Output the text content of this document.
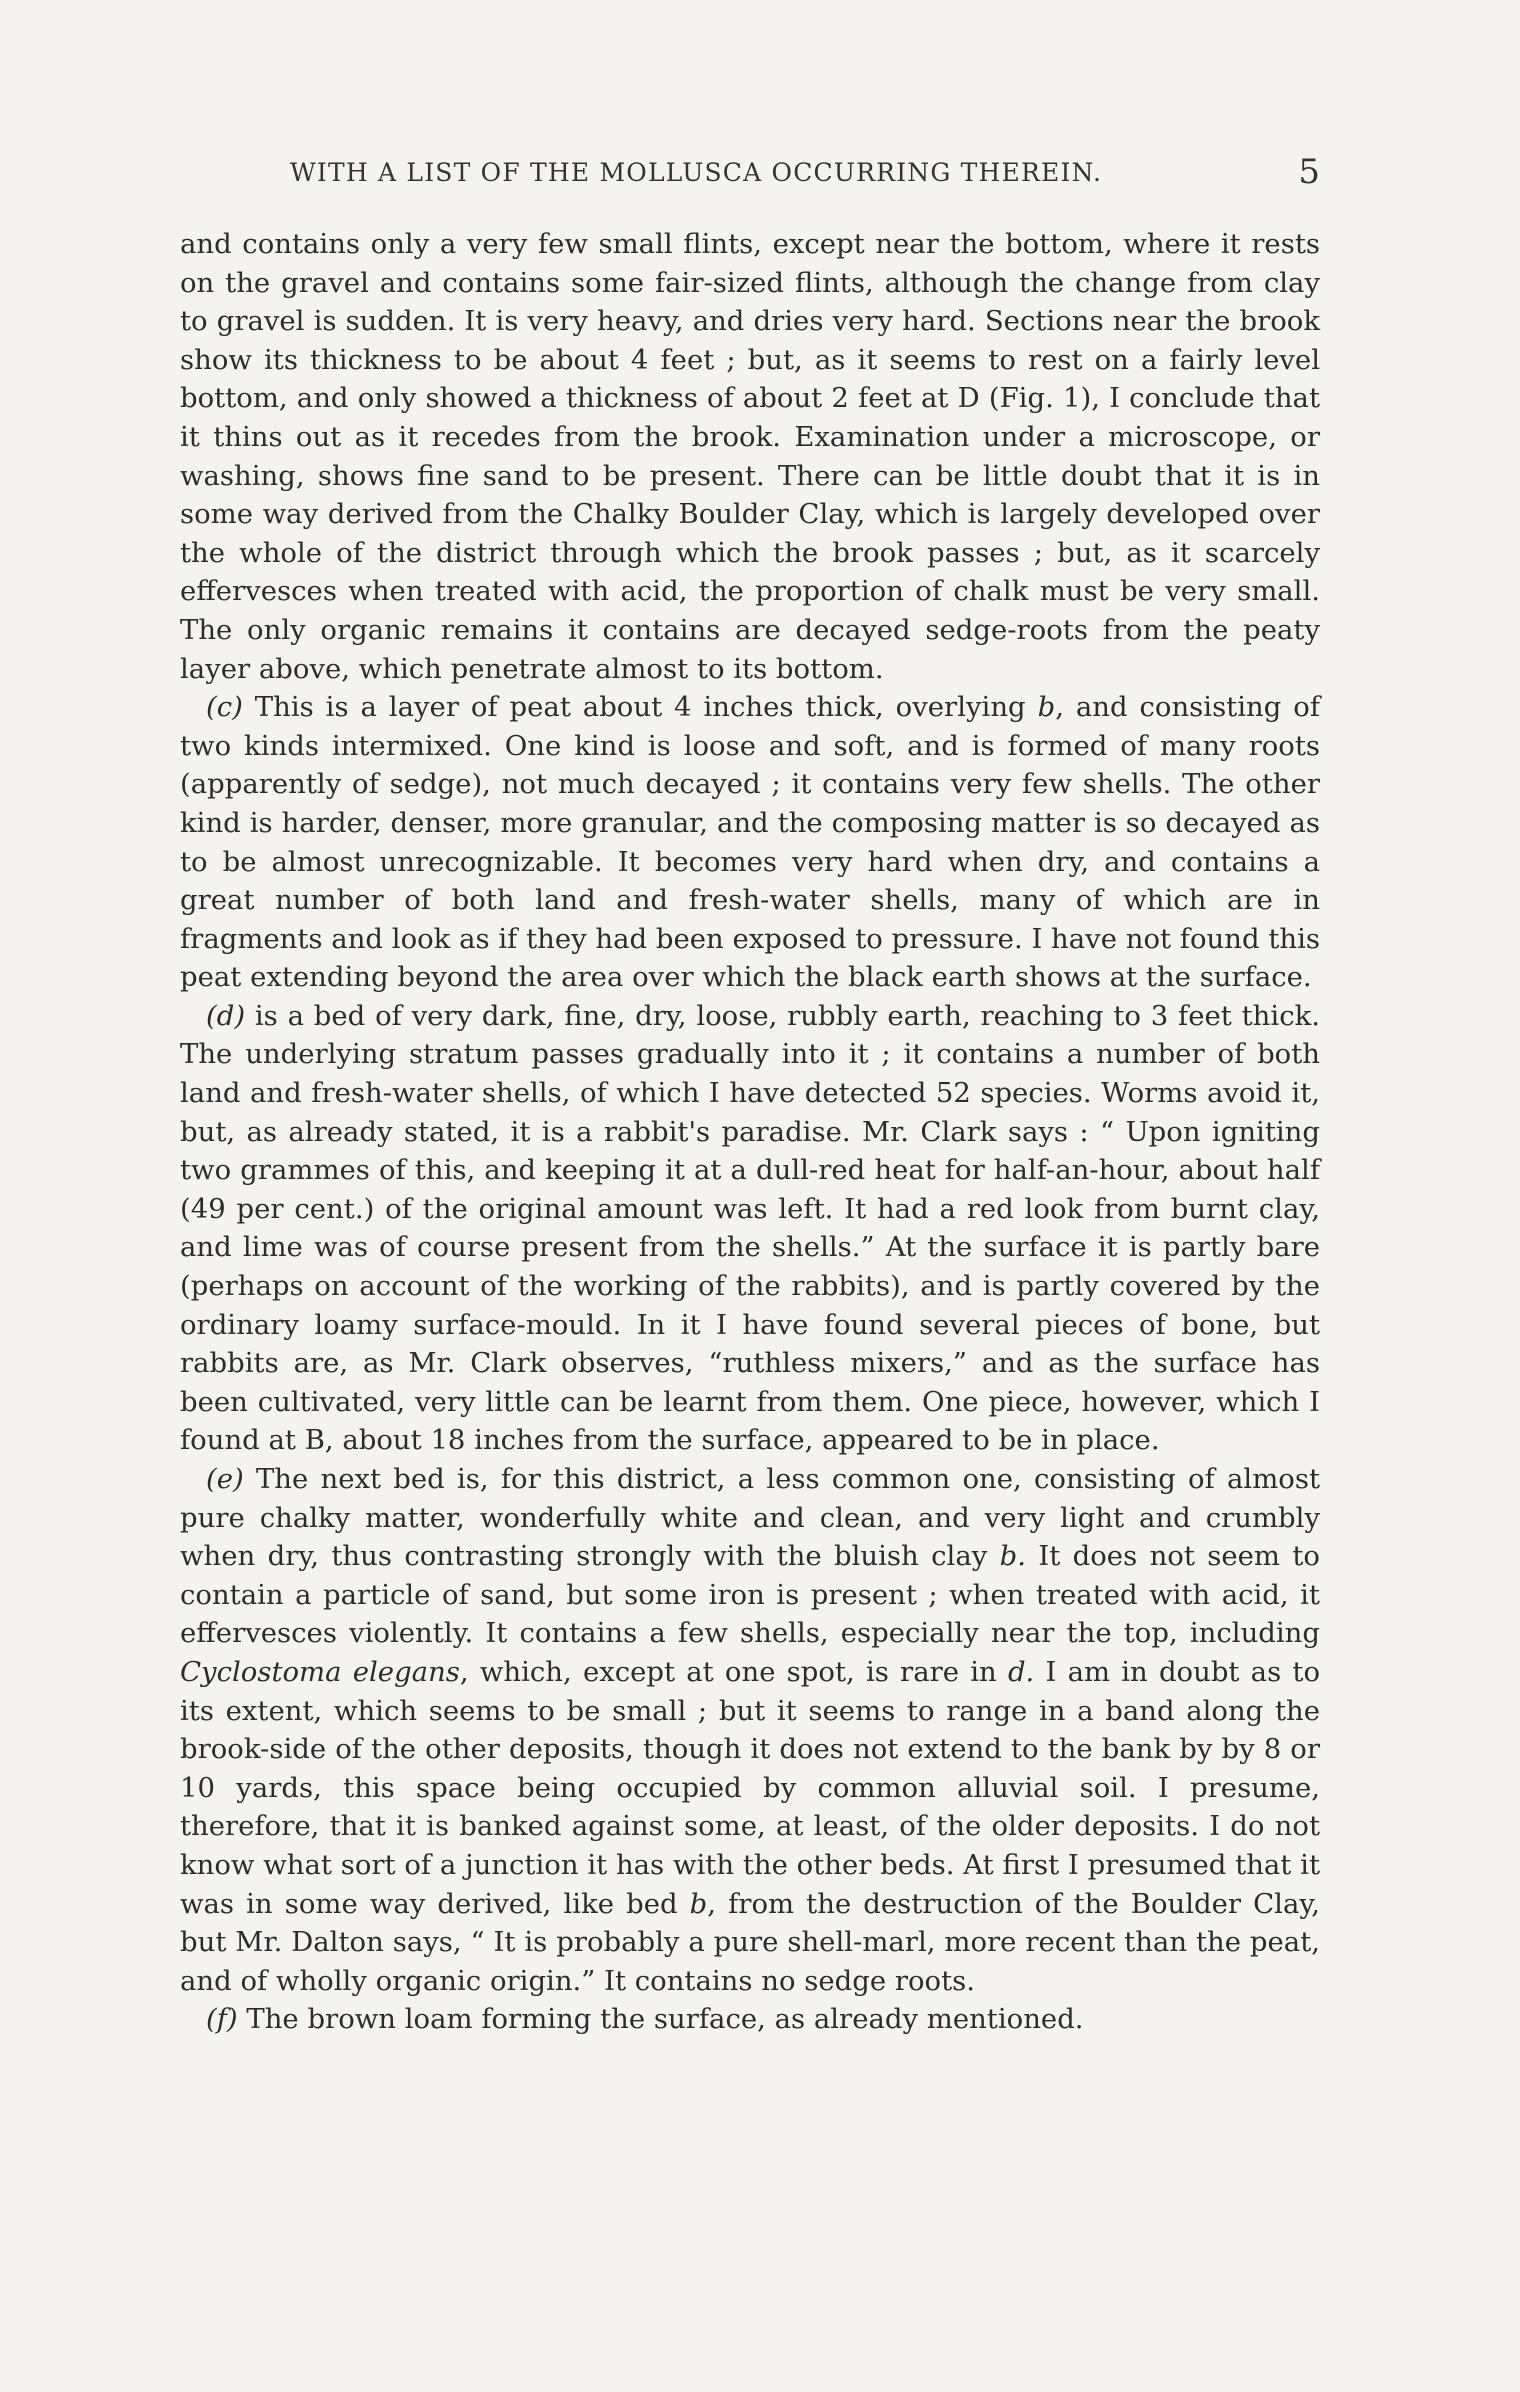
WITH A LIST OF THE MOLLUSCA OCCURRING THEREIN.	5

and contains only a very few small flints, except near the bottom, where it rests on the gravel and contains some fair-sized flints, although the change from clay to gravel is sudden. It is very heavy, and dries very hard. Sections near the brook show its thickness to be about 4 feet ; but, as it seems to rest on a fairly level bottom, and only showed a thickness of about 2 feet at D (Fig. 1), I conclude that it thins out as it recedes from the brook. Examination under a microscope, or washing, shows fine sand to be present. There can be little doubt that it is in some way derived from the Chalky Boulder Clay, which is largely developed over the whole of the district through which the brook passes ; but, as it scarcely effervesces when treated with acid, the proportion of chalk must be very small. The only organic remains it contains are decayed sedge-roots from the peaty layer above, which penetrate almost to its bottom.

(c) This is a layer of peat about 4 inches thick, overlying b, and consisting of two kinds intermixed. One kind is loose and soft, and is formed of many roots (apparently of sedge), not much decayed ; it contains very few shells. The other kind is harder, denser, more granular, and the composing matter is so decayed as to be almost unrecognizable. It becomes very hard when dry, and contains a great number of both land and fresh-water shells, many of which are in fragments and look as if they had been exposed to pressure. I have not found this peat extending beyond the area over which the black earth shows at the surface.

(d) is a bed of very dark, fine, dry, loose, rubbly earth, reaching to 3 feet thick. The underlying stratum passes gradually into it ; it contains a number of both land and fresh-water shells, of which I have detected 52 species. Worms avoid it, but, as already stated, it is a rabbit's paradise. Mr. Clark says : “ Upon igniting two grammes of this, and keeping it at a dull-red heat for half-an-hour, about half (49 per cent.) of the original amount was left. It had a red look from burnt clay, and lime was of course present from the shells.” At the surface it is partly bare (perhaps on account of the working of the rabbits), and is partly covered by the ordinary loamy surface-mould. In it I have found several pieces of bone, but rabbits are, as Mr. Clark observes, “ruthless mixers,” and as the surface has been cultivated, very little can be learnt from them. One piece, however, which I found at B, about 18 inches from the surface, appeared to be in place.

(e) The next bed is, for this district, a less common one, consisting of almost pure chalky matter, wonderfully white and clean, and very light and crumbly when dry, thus contrasting strongly with the bluish clay b. It does not seem to contain a particle of sand, but some iron is present ; when treated with acid, it effervesces violently. It contains a few shells, especially near the top, including Cyclostoma elegans, which, except at one spot, is rare in d. I am in doubt as to its extent, which seems to be small ; but it seems to range in a band along the brook-side of the other deposits, though it does not extend to the bank by by 8 or 10 yards, this space being occupied by common alluvial soil. I presume, therefore, that it is banked against some, at least, of the older deposits. I do not know what sort of a junction it has with the other beds. At first I presumed that it was in some way derived, like bed b, from the destruction of the Boulder Clay, but Mr. Dalton says, “ It is probably a pure shell-marl, more recent than the peat, and of wholly organic origin.” It contains no sedge roots.

(f) The brown loam forming the surface, as already mentioned.
